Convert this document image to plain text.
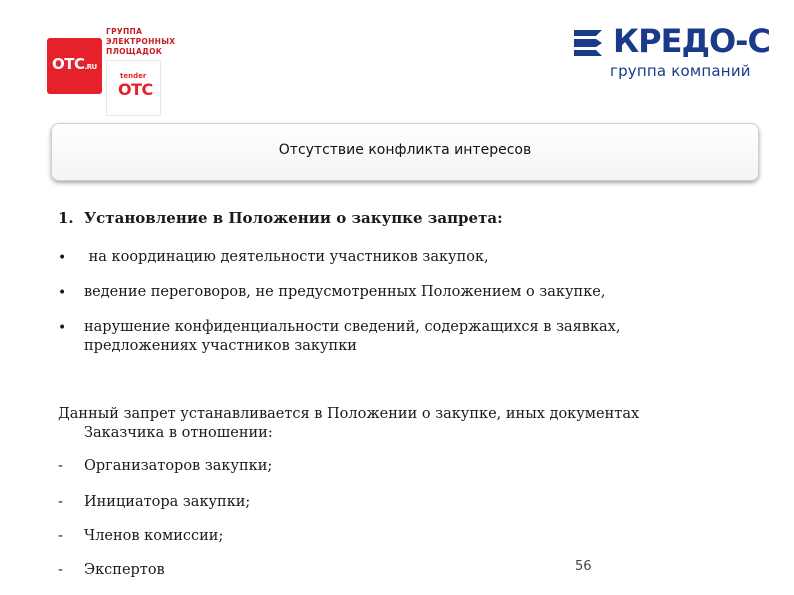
OTC.RU
ГРУППА
ЭЛЕКТРОННЫХ
ПЛОЩАДОК
tender
OTC
КРЕДО-С
группа компаний
Отсутствие конфликта интересов
1. Установление в Положении о закупке запрета:
• на координацию деятельности участников закупок,
• ведение переговоров, не предусмотренных Положением о закупке,
• нарушение конфиденциальности сведений, содержащихся в заявках, предложениях участников закупки
Данный запрет устанавливается в Положении о закупке, иных документах
Заказчика в отношении:
- Организаторов закупки;
- Инициатора закупки;
- Членов комиссии;
- Экспертов	56
